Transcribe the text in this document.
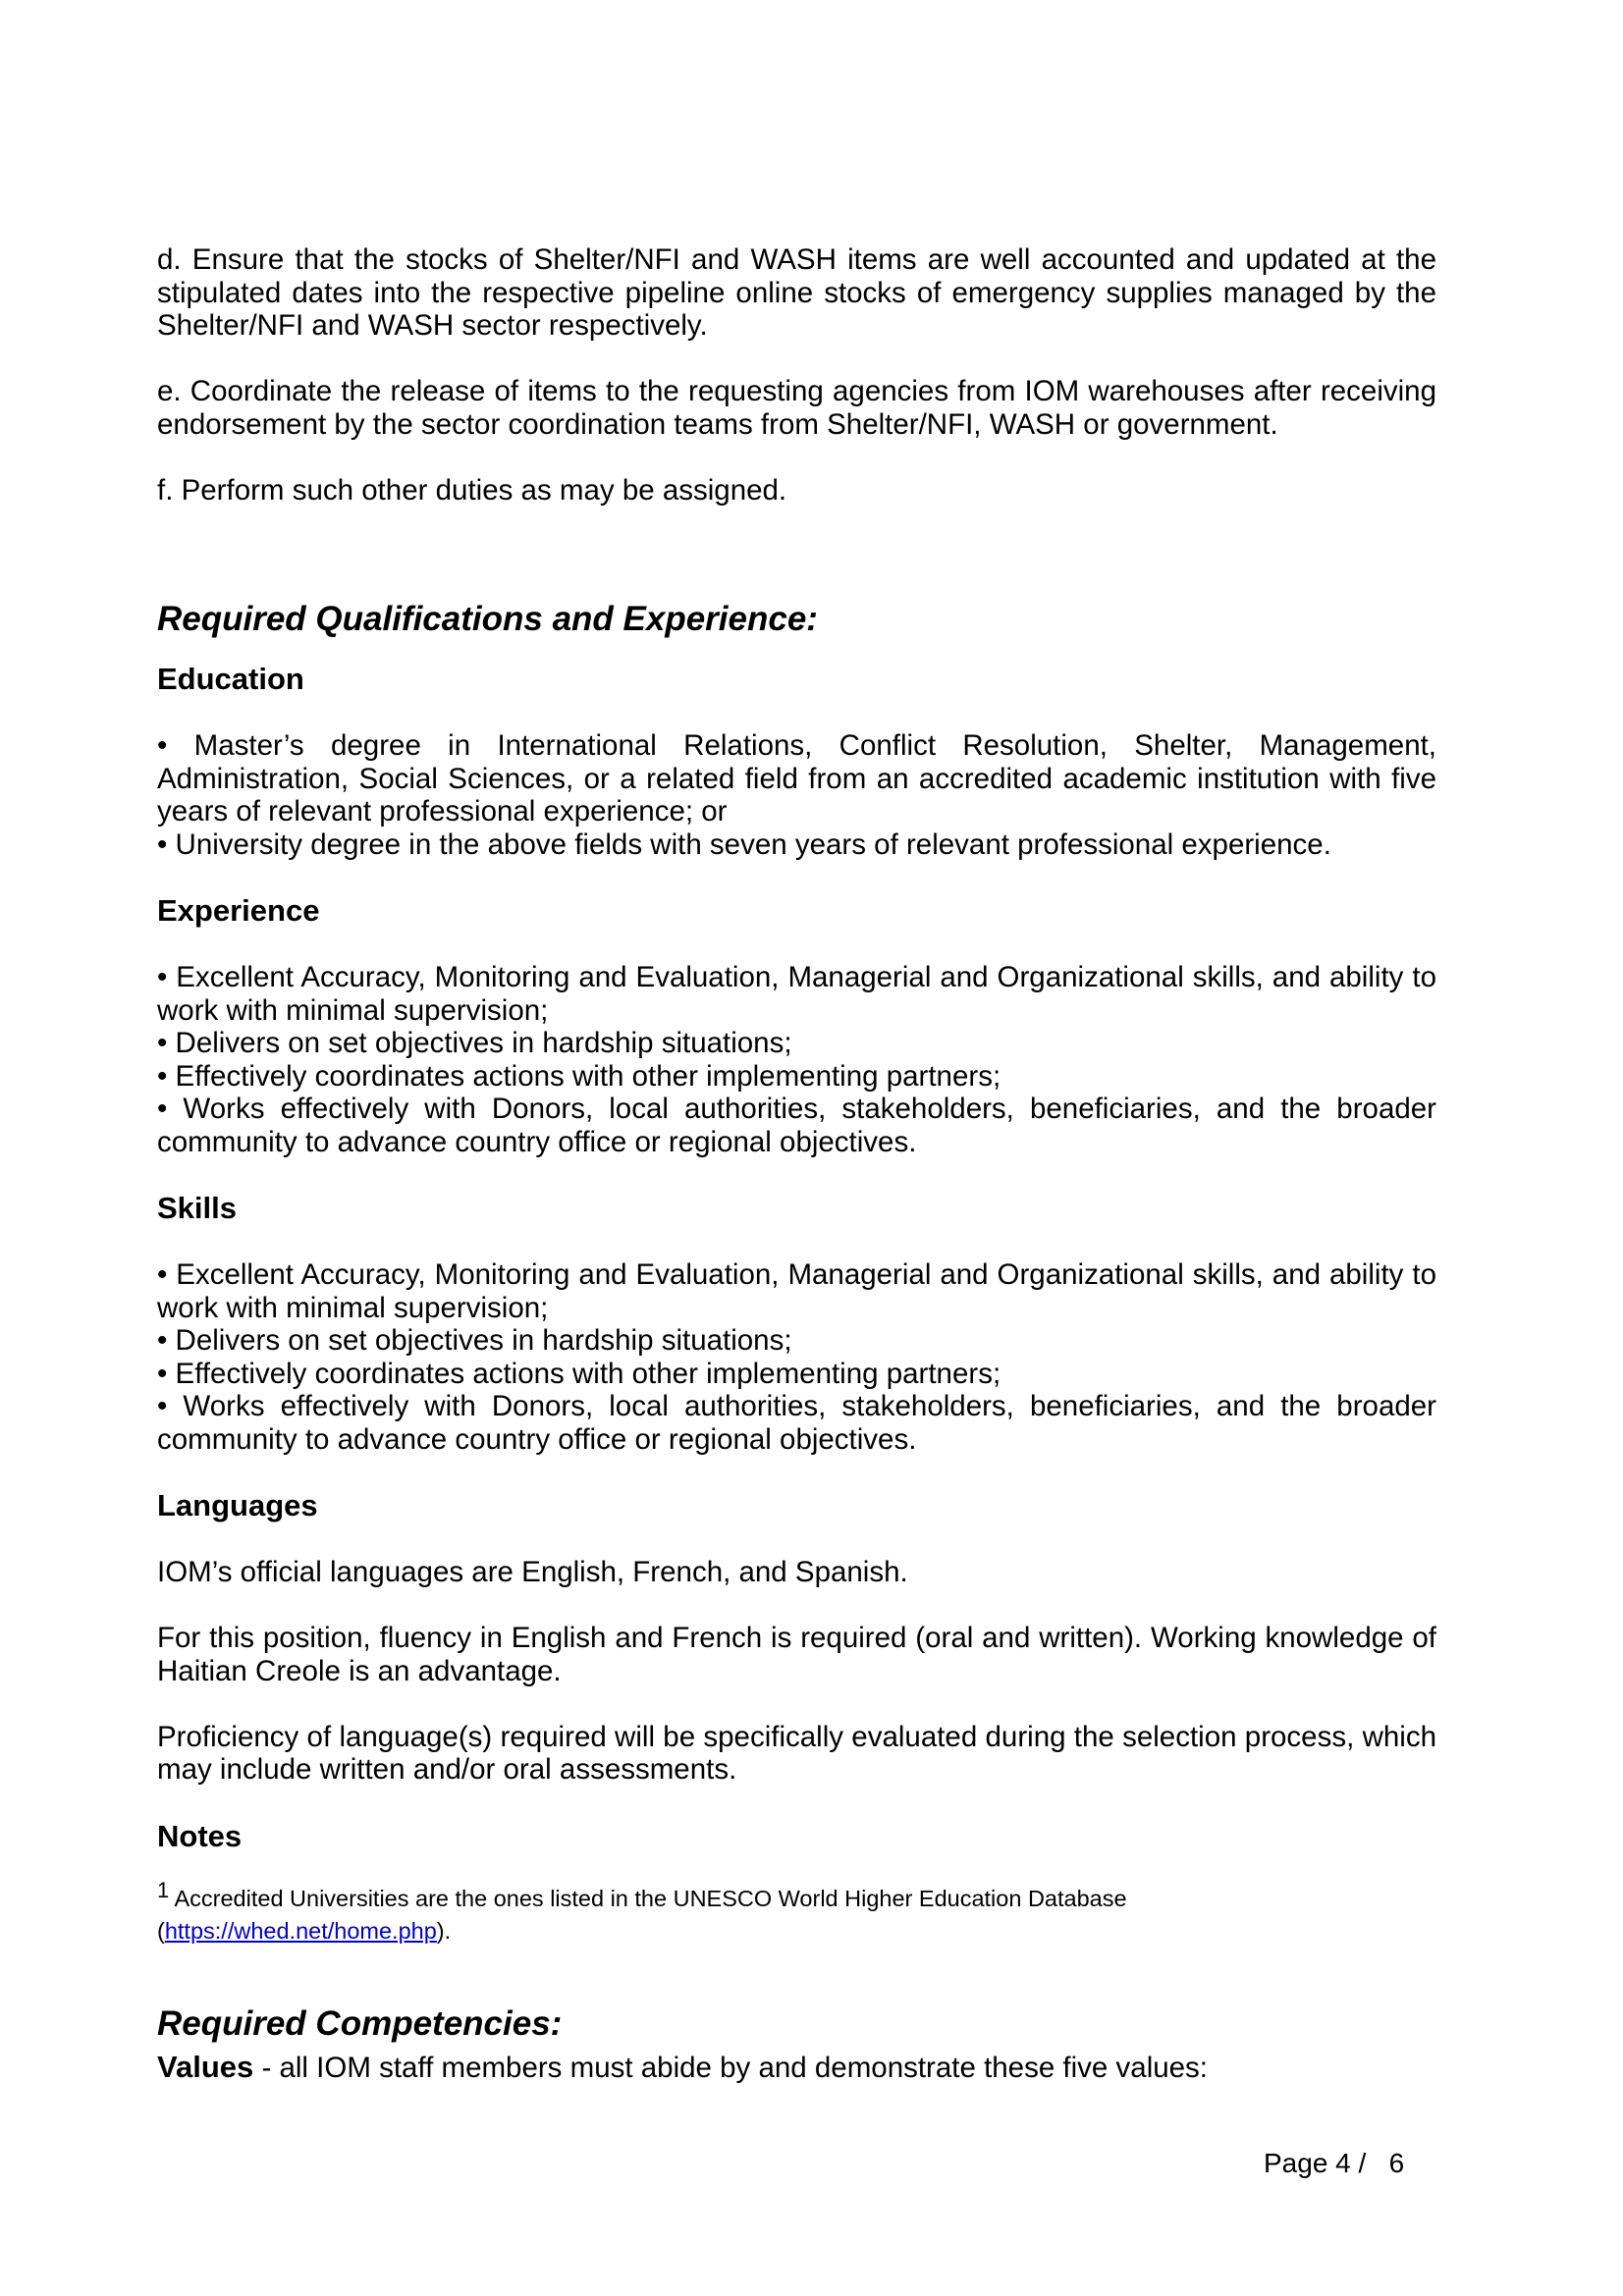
d. Ensure that the stocks of Shelter/NFI and WASH items are well accounted and updated at the stipulated dates into the respective pipeline online stocks of emergency supplies managed by the Shelter/NFI and WASH sector respectively.

e. Coordinate the release of items to the requesting agencies from IOM warehouses after receiving endorsement by the sector coordination teams from Shelter/NFI, WASH or government.

f. Perform such other duties as may be assigned.

Required Qualifications and Experience:
Education

• Master’s degree in International Relations, Conflict Resolution, Shelter, Management, Administration, Social Sciences, or a related field from an accredited academic institution with five years of relevant professional experience; or

• University degree in the above fields with seven years of relevant professional experience.

Experience

• Excellent Accuracy, Monitoring and Evaluation, Managerial and Organizational skills, and ability to work with minimal supervision;

• Delivers on set objectives in hardship situations;

• Effectively coordinates actions with other implementing partners;

• Works effectively with Donors, local authorities, stakeholders, beneficiaries, and the broader community to advance country office or regional objectives.

Skills

• Excellent Accuracy, Monitoring and Evaluation, Managerial and Organizational skills, and ability to work with minimal supervision;

• Delivers on set objectives in hardship situations;

• Effectively coordinates actions with other implementing partners;

• Works effectively with Donors, local authorities, stakeholders, beneficiaries, and the broader community to advance country office or regional objectives.

Languages

IOM’s official languages are English, French, and Spanish.

For this position, fluency in English and French is required (oral and written). Working knowledge of Haitian Creole is an advantage.

Proficiency of language(s) required will be specifically evaluated during the selection process, which may include written and/or oral assessments.

Notes
$^1$ Accredited Universities are the ones listed in the UNESCO World Higher Education Database
(https://whed.net/home.php).
Required Competencies:
Values - all IOM staff members must abide by and demonstrate these five values:
Page 4 /   6
